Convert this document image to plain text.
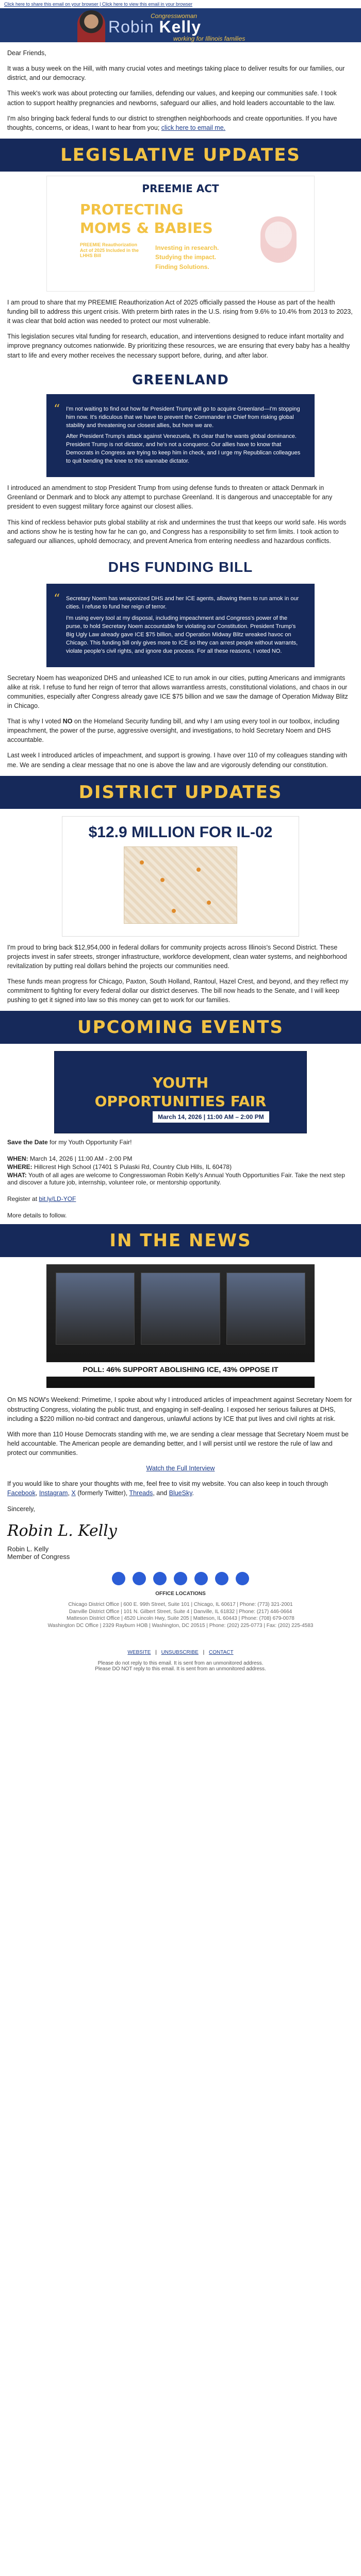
Click here to share this email on your browser | Click here to view this email in your browser
Congresswoman
Robin Kelly
working for Illinois families

Dear Friends,

It was a busy week on the Hill, with many crucial votes and meetings taking place to deliver results for our families, our district, and our democracy.

This week's work was about protecting our families, defending our values, and keeping our communities safe. I took action to support healthy pregnancies and newborns, safeguard our allies, and hold leaders accountable to the law.

I'm also bringing back federal funds to our district to strengthen neighborhoods and create opportunities. If you have thoughts, concerns, or ideas, I want to hear from you; click here to email me.

LEGISLATIVE UPDATES
PREEMIE ACT
PROTECTING
MOMS & BABIES
PREEMIE Reauthorization Act of 2025 Included in the LHHS Bill
Investing in research.
Studying the impact.
Finding Solutions.

I am proud to share that my PREEMIE Reauthorization Act of 2025 officially passed the House as part of the health funding bill to address this urgent crisis. With preterm birth rates in the U.S. rising from 9.6% to 10.4% from 2013 to 2023, it was clear that bold action was needed to protect our most vulnerable.

This legislation secures vital funding for research, education, and interventions designed to reduce infant mortality and improve pregnancy outcomes nationwide. By prioritizing these resources, we are ensuring that every baby has a healthy start to life and every mother receives the necessary support before, during, and after labor.

GREENLAND
“ I'm not waiting to find out how far President Trump will go to acquire Greenland—I'm stopping him now. It's ridiculous that we have to prevent the Commander in Chief from risking global stability and threatening our closest allies, but here we are.

After President Trump's attack against Venezuela, it's clear that he wants global dominance. President Trump is not dictator, and he's not a conqueror. Our allies have to know that Democrats in Congress are trying to keep him in check, and I urge my Republican colleagues to quit bending the knee to this wannabe dictator.

I introduced an amendment to stop President Trump from using defense funds to threaten or attack Denmark in Greenland or Denmark and to block any attempt to purchase Greenland. It is dangerous and unacceptable for any president to even suggest military force against our closest allies.

This kind of reckless behavior puts global stability at risk and undermines the trust that keeps our world safe. His words and actions show he is testing how far he can go, and Congress has a responsibility to set firm limits. I took action to safeguard our alliances, uphold democracy, and prevent America from entering needless and hazardous conflicts.

DHS FUNDING BILL
“ Secretary Noem has weaponized DHS and her ICE agents, allowing them to run amok in our cities. I refuse to fund her reign of terror.

I'm using every tool at my disposal, including impeachment and Congress's power of the purse, to hold Secretary Noem accountable for violating our Constitution. President Trump's Big Ugly Law already gave ICE $75 billion, and Operation Midway Blitz wreaked havoc on Chicago. This funding bill only gives more to ICE so they can arrest people without warrants, violate people's civil rights, and ignore due process. For all these reasons, I voted NO.

Secretary Noem has weaponized DHS and unleashed ICE to run amok in our cities, putting Americans and immigrants alike at risk. I refuse to fund her reign of terror that allows warrantless arrests, constitutional violations, and chaos in our communities, especially after Congress already gave ICE $75 billion and we saw the damage of Operation Midway Blitz in Chicago.

That is why I voted NO on the Homeland Security funding bill, and why I am using every tool in our toolbox, including impeachment, the power of the purse, aggressive oversight, and investigations, to hold Secretary Noem and DHS accountable.

Last week I introduced articles of impeachment, and support is growing. I have over 110 of my colleagues standing with me. We are sending a clear message that no one is above the law and are vigorously defending our constitution.

DISTRICT UPDATES
$12.9 MILLION FOR IL-02

I'm proud to bring back $12,954,000 in federal dollars for community projects across Illinois's Second District. These projects invest in safer streets, stronger infrastructure, workforce development, clean water systems, and neighborhood revitalization by putting real dollars behind the projects our communities need.

These funds mean progress for Chicago, Paxton, South Holland, Rantoul, Hazel Crest, and beyond, and they reflect my commitment to fighting for every federal dollar our district deserves. The bill now heads to the Senate, and I will keep pushing to get it signed into law so this money can get to work for our families.

UPCOMING EVENTS
YOUTH
OPPORTUNITIES FAIR
March 14, 2026 | 11:00 AM – 2:00 PM
Save the Date for my Youth Opportunity Fair!
WHEN: March 14, 2026 | 11:00 AM - 2:00 PM
WHERE: Hillcrest High School (17401 S Pulaski Rd, Country Club Hills, IL 60478)
WHAT: Youth of all ages are welcome to Congresswoman Robin Kelly's Annual Youth Opportunities Fair. Take the next step and discover a future job, internship, volunteer role, or mentorship opportunity.
Register at bit.ly/LD-YOF
More details to follow.
IN THE NEWS
POLL: 46% SUPPORT ABOLISHING ICE, 43% OPPOSE IT

On MS NOW's Weekend: Primetime, I spoke about why I introduced articles of impeachment against Secretary Noem for obstructing Congress, violating the public trust, and engaging in self-dealing. I exposed her serious failures at DHS, including a $220 million no-bid contract and dangerous, unlawful actions by ICE that put lives and civil rights at risk.

With more than 110 House Democrats standing with me, we are sending a clear message that Secretary Noem must be held accountable. The American people are demanding better, and I will persist until we restore the rule of law and protect our communities.

Watch the Full Interview

If you would like to share your thoughts with me, feel free to visit my website. You can also keep in touch through Facebook, Instagram, X (formerly Twitter), Threads, and BlueSky.

Sincerely,

Robin L. Kelly
Robin L. Kelly
Member of Congress
OFFICE LOCATIONS
Chicago District Office | 600 E. 99th Street, Suite 101 | Chicago, IL 60617 | Phone: (773) 321-2001
Danville District Office | 101 N. Gilbert Street, Suite 4 | Danville, IL 61832 | Phone: (217) 446-0664
Matteson District Office | 4520 Lincoln Hwy, Suite 205 | Matteson, IL 60443 | Phone: (708) 679-0078
Washington DC Office | 2329 Rayburn HOB | Washington, DC 20515 | Phone: (202) 225-0773 | Fax: (202) 225-4583
WEBSITE | UNSUBSCRIBE | CONTACT
Please do not reply to this email. It is sent from an unmonitored address.
Please DO NOT reply to this email. It is sent from an unmonitored address.
